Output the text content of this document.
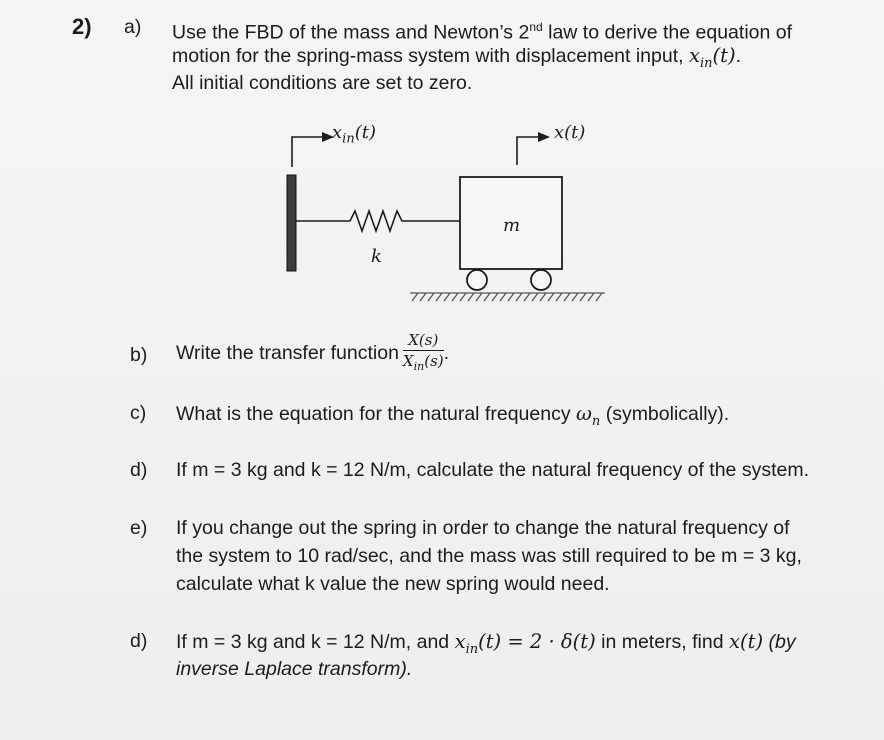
2) a) Use the FBD of the mass and Newton’s 2nd law to derive the equation of
motion for the spring-mass system with displacement input, $x_{in}(t)$.
All initial conditions are set to zero.
$x_{in}(t)$	x(t)
m
k
b) Write the transfer function $\frac{X(s)}{X_{in}(s)}$ .
c) What is the equation for the natural frequency $\omega_n$ (symbolically).
d) If m = 3 kg and k = 12 N/m, calculate the natural frequency of the system.
e) If you change out the spring in order to change the natural frequency of
the system to 10 rad/sec, and the mass was still required to be m = 3 kg,
calculate what k value the new spring would need.
d) If m = 3 kg and k = 12 N/m, and $x_{in}(t) = 2 \cdot \delta(t)$ in meters, find x(t) (by
inverse Laplace transform).
